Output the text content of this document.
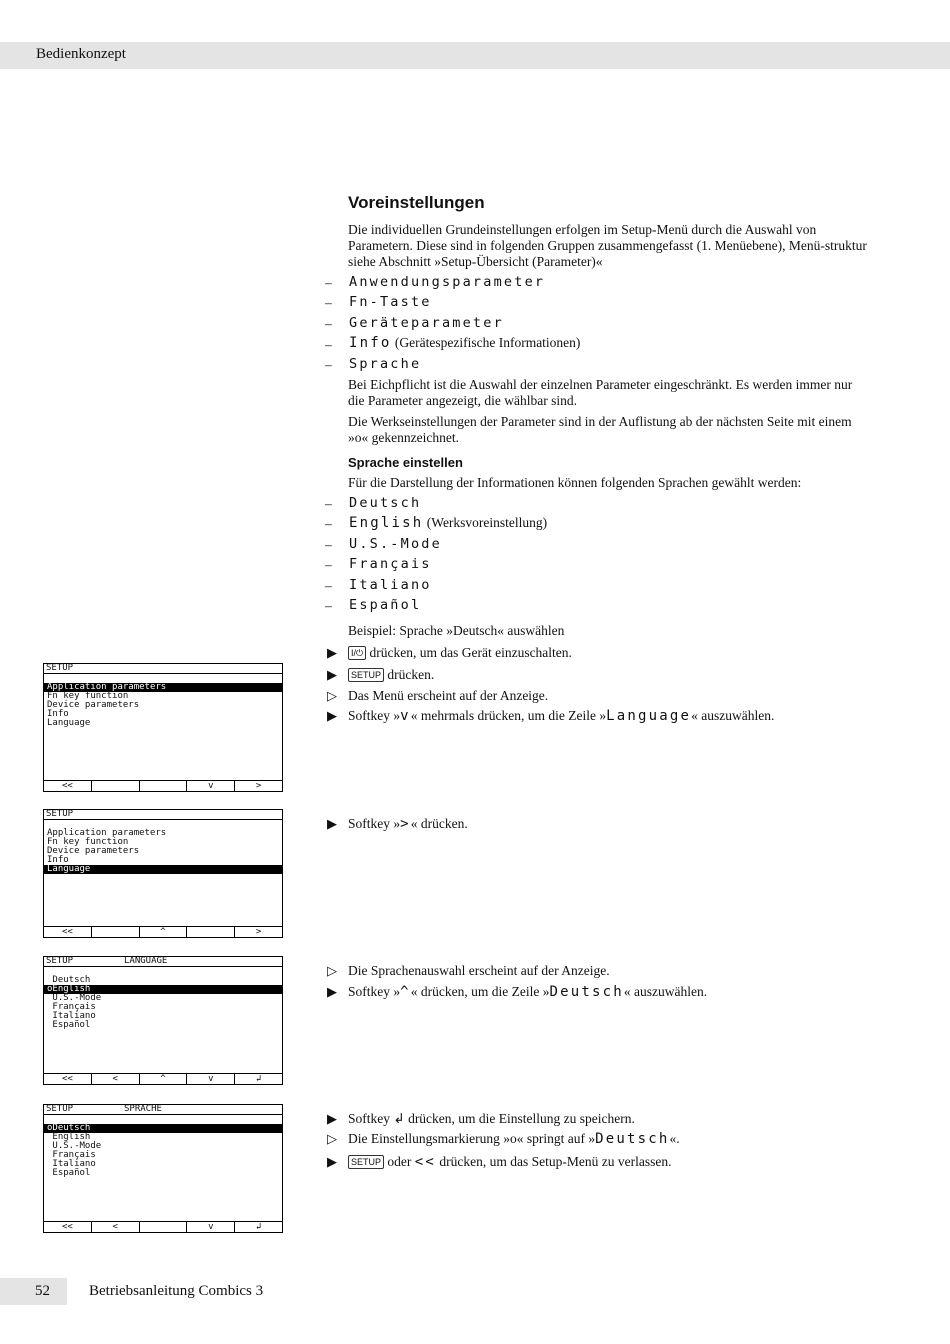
Bedienkonzept
Voreinstellungen
Die individuellen Grundeinstellungen erfolgen im Setup-Menü durch die Auswahl von Parametern. Diese sind in folgenden Gruppen zusammengefasst (1. Menüebene), Menü-struktur siehe Abschnitt »Setup-Übersicht (Parameter)«
– Anwendungsparameter
– Fn-Taste
– Geräteparameter
– Info (Gerätespezifische Informationen)
– Sprache
Bei Eichpflicht ist die Auswahl der einzelnen Parameter eingeschränkt. Es werden immer nur die Parameter angezeigt, die wählbar sind.
Die Werkseinstellungen der Parameter sind in der Auflistung ab der nächsten Seite mit einem »o« gekennzeichnet.
Sprache einstellen
Für die Darstellung der Informationen können folgenden Sprachen gewählt werden:
– Deutsch
– English (Werksvoreinstellung)
– U.S.-Mode
– Français
– Italiano
– Español
Beispiel: Sprache »Deutsch« auswählen
▶	I/⏻ drücken, um das Gerät einzuschalten.
▶	SETUP drücken.
▷ Das Menü erscheint auf der Anzeige.
▶ Softkey »v« mehrmals drücken, um die Zeile »Language« auszuwählen.
▶ Softkey »>« drücken.
▷ Die Sprachenauswahl erscheint auf der Anzeige.
▶ Softkey »^« drücken, um die Zeile »Deutsch« auszuwählen.
▶ Softkey ↲ drücken, um die Einstellung zu speichern.
▷ Die Einstellungsmarkierung »o« springt auf »Deutsch«.
▶	SETUP oder << drücken, um das Setup-Menü zu verlassen.
SETUP
Application parameters
Fn key function
Device parameters
Info
Language
<<	v	>
SETUP
Application parameters
Fn key function
Device parameters
Info
Language
<<	^	>
SETUP	LANGUAGE
Deutsch
oEnglish
U.S.-Mode
Français
Italiano
Español
<<	<	^	v	↲
SETUP	SPRACHE
oDeutsch
English
U.S.-Mode
Français
Italiano
Español
<<	<	v	↲
52	Betriebsanleitung Combics 3
